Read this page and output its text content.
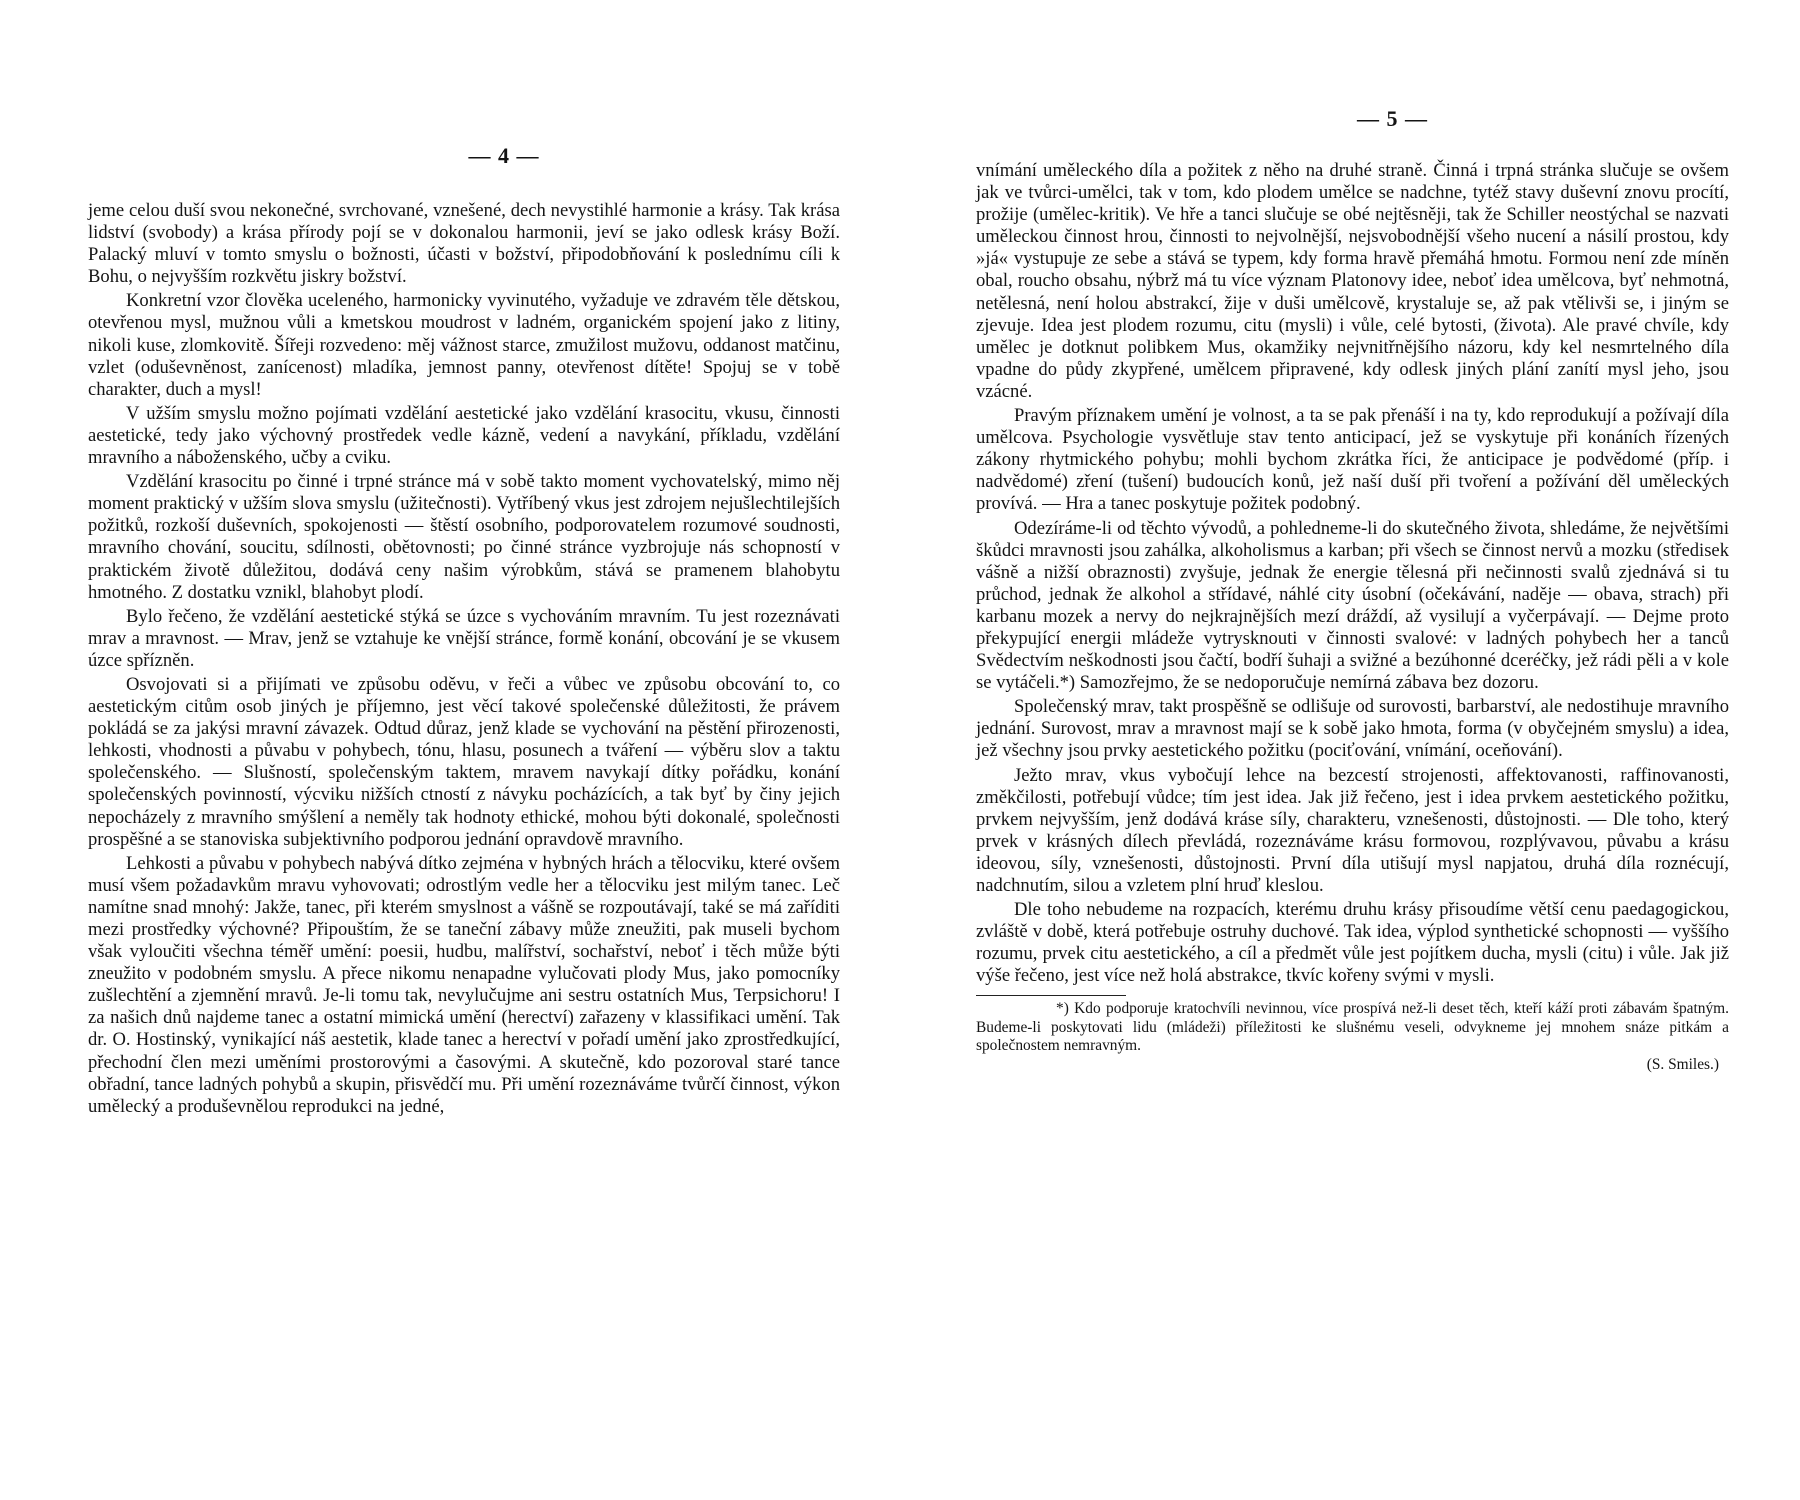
— 4 —

jeme celou duší svou nekonečné, svrchované, vznešené, dech nevystihlé harmonie a krásy. Tak krása lidství (svobody) a krása přírody pojí se v dokonalou harmonii, jeví se jako odlesk krásy Boží. Palacký mluví v tomto smyslu o božnosti, účasti v božství, připodobňování k poslednímu cíli k Bohu, o nejvyšším rozkvětu jiskry božství.

Konkretní vzor člověka uceleného, harmonicky vyvinutého, vyžaduje ve zdravém těle dětskou, otevřenou mysl, mužnou vůli a kmetskou moudrost v ladném, organickém spojení jako z litiny, nikoli kuse, zlomkovitě. Šířeji rozvedeno: měj vážnost starce, zmužilost mužovu, oddanost matčinu, vzlet (oduševněnost, zanícenost) mladíka, jemnost panny, otevřenost dítěte! Spojuj se v tobě charakter, duch a mysl!

V užším smyslu možno pojímati vzdělání aestetické jako vzdělání krasocitu, vkusu, činnosti aestetické, tedy jako výchovný prostředek vedle kázně, vedení a navykání, příkladu, vzdělání mravního a náboženského, učby a cviku.

Vzdělání krasocitu po činné i trpné stránce má v sobě takto moment vychovatelský, mimo něj moment praktický v užším slova smyslu (užitečnosti). Vytříbený vkus jest zdrojem nejušlechtilejších požitků, rozkoší duševních, spokojenosti — štěstí osobního, podporovatelem rozumové soudnosti, mravního chování, soucitu, sdílnosti, obětovnosti; po činné stránce vyzbrojuje nás schopností v praktickém životě důležitou, dodává ceny našim výrobkům, stává se pramenem blahobytu hmotného. Z dostatku vznikl, blahobyt plodí.

Bylo řečeno, že vzdělání aestetické stýká se úzce s vychováním mravním. Tu jest rozeznávati mrav a mravnost. — Mrav, jenž se vztahuje ke vnější stránce, formě konání, obcování je se vkusem úzce spřízněn.

Osvojovati si a přijímati ve způsobu oděvu, v řeči a vůbec ve způsobu obcování to, co aestetickým citům osob jiných je příjemno, jest věcí takové společenské důležitosti, že právem pokládá se za jakýsi mravní závazek. Odtud důraz, jenž klade se vychování na pěstění přirozenosti, lehkosti, vhodnosti a půvabu v pohybech, tónu, hlasu, posunech a tváření — výběru slov a taktu společenského. — Slušností, společenským taktem, mravem navykají dítky pořádku, konání společenských povinností, výcviku nižších ctností z návyku pocházících, a tak byť by činy jejich nepocházely z mravního smýšlení a neměly tak hodnoty ethické, mohou býti dokonalé, společnosti prospěšné a se stanoviska subjektivního podporou jednání opravdově mravního.

Lehkosti a půvabu v pohybech nabývá dítko zejména v hybných hrách a tělocviku, které ovšem musí všem požadavkům mravu vyhovovati; odrostlým vedle her a tělocviku jest milým tanec. Leč namítne snad mnohý: Jakže, tanec, při kterém smyslnost a vášně se rozpoutávají, také se má zaříditi mezi prostředky výchovné? Připouštím, že se taneční zábavy může zneužiti, pak museli bychom však vyloučiti všechna téměř umění: poesii, hudbu, malířství, sochařství, neboť i těch může býti zneužito v podobném smyslu. A přece nikomu nenapadne vylučovati plody Mus, jako pomocníky zušlechtění a zjemnění mravů. Je-li tomu tak, nevylučujme ani sestru ostatních Mus, Terpsichoru! I za našich dnů najdeme tanec a ostatní mimická umění (herectví) zařazeny v klassifikaci umění. Tak dr. O. Hostinský, vynikající náš aestetik, klade tanec a herectví v pořadí umění jako zprostředkující, přechodní člen mezi uměními prostorovými a časovými. A skutečně, kdo pozoroval staré tance obřadní, tance ladných pohybů a skupin, přisvědčí mu. Při umění rozeznáváme tvůrčí činnost, výkon umělecký a produševnělou reprodukci na jedné,

— 5 —

vnímání uměleckého díla a požitek z něho na druhé straně. Činná i trpná stránka slučuje se ovšem jak ve tvůrci-umělci, tak v tom, kdo plodem umělce se nadchne, tytéž stavy duševní znovu procítí, prožije (umělec-kritik). Ve hře a tanci slučuje se obé nejtěsněji, tak že Schiller neostýchal se nazvati uměleckou činnost hrou, činnosti to nejvolnější, nejsvobodnější všeho nucení a násilí prostou, kdy »já« vystupuje ze sebe a stává se typem, kdy forma hravě přemáhá hmotu. Formou není zde míněn obal, roucho obsahu, nýbrž má tu více význam Platonovy idee, neboť idea umělcova, byť nehmotná, netělesná, není holou abstrakcí, žije v duši umělcově, krystaluje se, až pak vtělivši se, i jiným se zjevuje. Idea jest plodem rozumu, citu (mysli) i vůle, celé bytosti, (života). Ale pravé chvíle, kdy umělec je dotknut polibkem Mus, okamžiky nejvnitřnějšího názoru, kdy kel nesmrtelného díla vpadne do půdy zkypřené, umělcem připravené, kdy odlesk jiných plání zanítí mysl jeho, jsou vzácné.

Pravým příznakem umění je volnost, a ta se pak přenáší i na ty, kdo reprodukují a požívají díla umělcova. Psychologie vysvětluje stav tento anticipací, jež se vyskytuje při konáních řízených zákony rhytmického pohybu; mohli bychom zkrátka říci, že anticipace je podvědomé (příp. i nadvědomé) zření (tušení) budoucích konů, jež naší duší při tvoření a požívání děl uměleckých provívá. — Hra a tanec poskytuje požitek podobný.

Odezíráme-li od těchto vývodů, a pohledneme-li do skutečného života, shledáme, že největšími škůdci mravnosti jsou zahálka, alkoholismus a karban; při všech se činnost nervů a mozku (středisek vášně a nižší obraznosti) zvyšuje, jednak že energie tělesná při nečinnosti svalů zjednává si tu průchod, jednak že alkohol a střídavé, náhlé city úsobní (očekávání, naděje — obava, strach) při karbanu mozek a nervy do nejkrajnějších mezí dráždí, až vysilují a vyčerpávají. — Dejme proto překypující energii mládeže vytrysknouti v činnosti svalové: v ladných pohybech her a tanců Svědectvím neškodnosti jsou čačtí, bodří šuhaji a svižné a bezúhonné dceréčky, jež rádi pěli a v kole se vytáčeli.*) Samozřejmo, že se nedoporučuje nemírná zábava bez dozoru.

Společenský mrav, takt prospěšně se odlišuje od surovosti, barbarství, ale nedostihuje mravního jednání. Surovost, mrav a mravnost mají se k sobě jako hmota, forma (v obyčejném smyslu) a idea, jež všechny jsou prvky aestetického požitku (pociťování, vnímání, oceňování).

Ježto mrav, vkus vybočují lehce na bezcestí strojenosti, affektovanosti, raffinovanosti, změkčilosti, potřebují vůdce; tím jest idea. Jak již řečeno, jest i idea prvkem aestetického požitku, prvkem nejvyšším, jenž dodává kráse síly, charakteru, vznešenosti, důstojnosti. — Dle toho, který prvek v krásných dílech převládá, rozeznáváme krásu formovou, rozplývavou, půvabu a krásu ideovou, síly, vznešenosti, důstojnosti. První díla utišují mysl napjatou, druhá díla roznécují, nadchnutím, silou a vzletem plní hruď kleslou.

Dle toho nebudeme na rozpacích, kterému druhu krásy přisoudíme větší cenu paedagogickou, zvláště v době, která potřebuje ostruhy duchové. Tak idea, výplod synthetické schopnosti — vyššího rozumu, prvek citu aestetického, a cíl a předmět vůle jest pojítkem ducha, mysli (citu) i vůle. Jak již výše řečeno, jest více než holá abstrakce, tkvíc kořeny svými v mysli.

*) Kdo podporuje kratochvíli nevinnou, více prospívá než-li deset těch, kteří káží proti zábavám špatným. Budeme-li poskytovati lidu (mládeži) příležitosti ke slušnému veseli, odvykneme jej mnohem snáze pitkám a společnostem nemravným.

(S. Smiles.)
